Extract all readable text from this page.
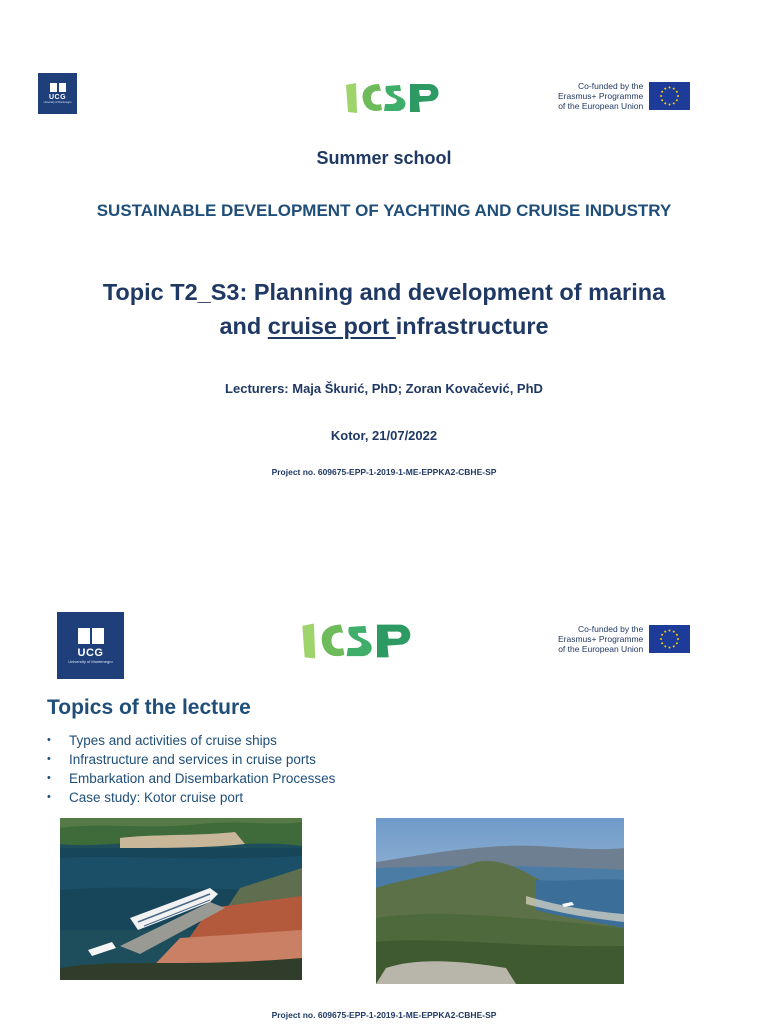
UCG
University of Montenegro
Co-funded by the
Erasmus+ Programme
of the European Union
Summer school
SUSTAINABLE DEVELOPMENT OF YACHTING AND CRUISE INDUSTRY
Topic T2_S3: Planning and development of marina
and cruise port infrastructure
Lecturers: Maja Škurić, PhD; Zoran Kovačević, PhD
Kotor, 21/07/2022
Project no. 609675-EPP-1-2019-1-ME-EPPKA2-CBHE-SP
UCG
University of Montenegro
Co-funded by the
Erasmus+ Programme
of the European Union
Topics of the lecture
•	Types and activities of cruise ships
•	Infrastructure and services in cruise ports
•	Embarkation and Disembarkation Processes
•	Case study: Kotor cruise port
Project no. 609675-EPP-1-2019-1-ME-EPPKA2-CBHE-SP
